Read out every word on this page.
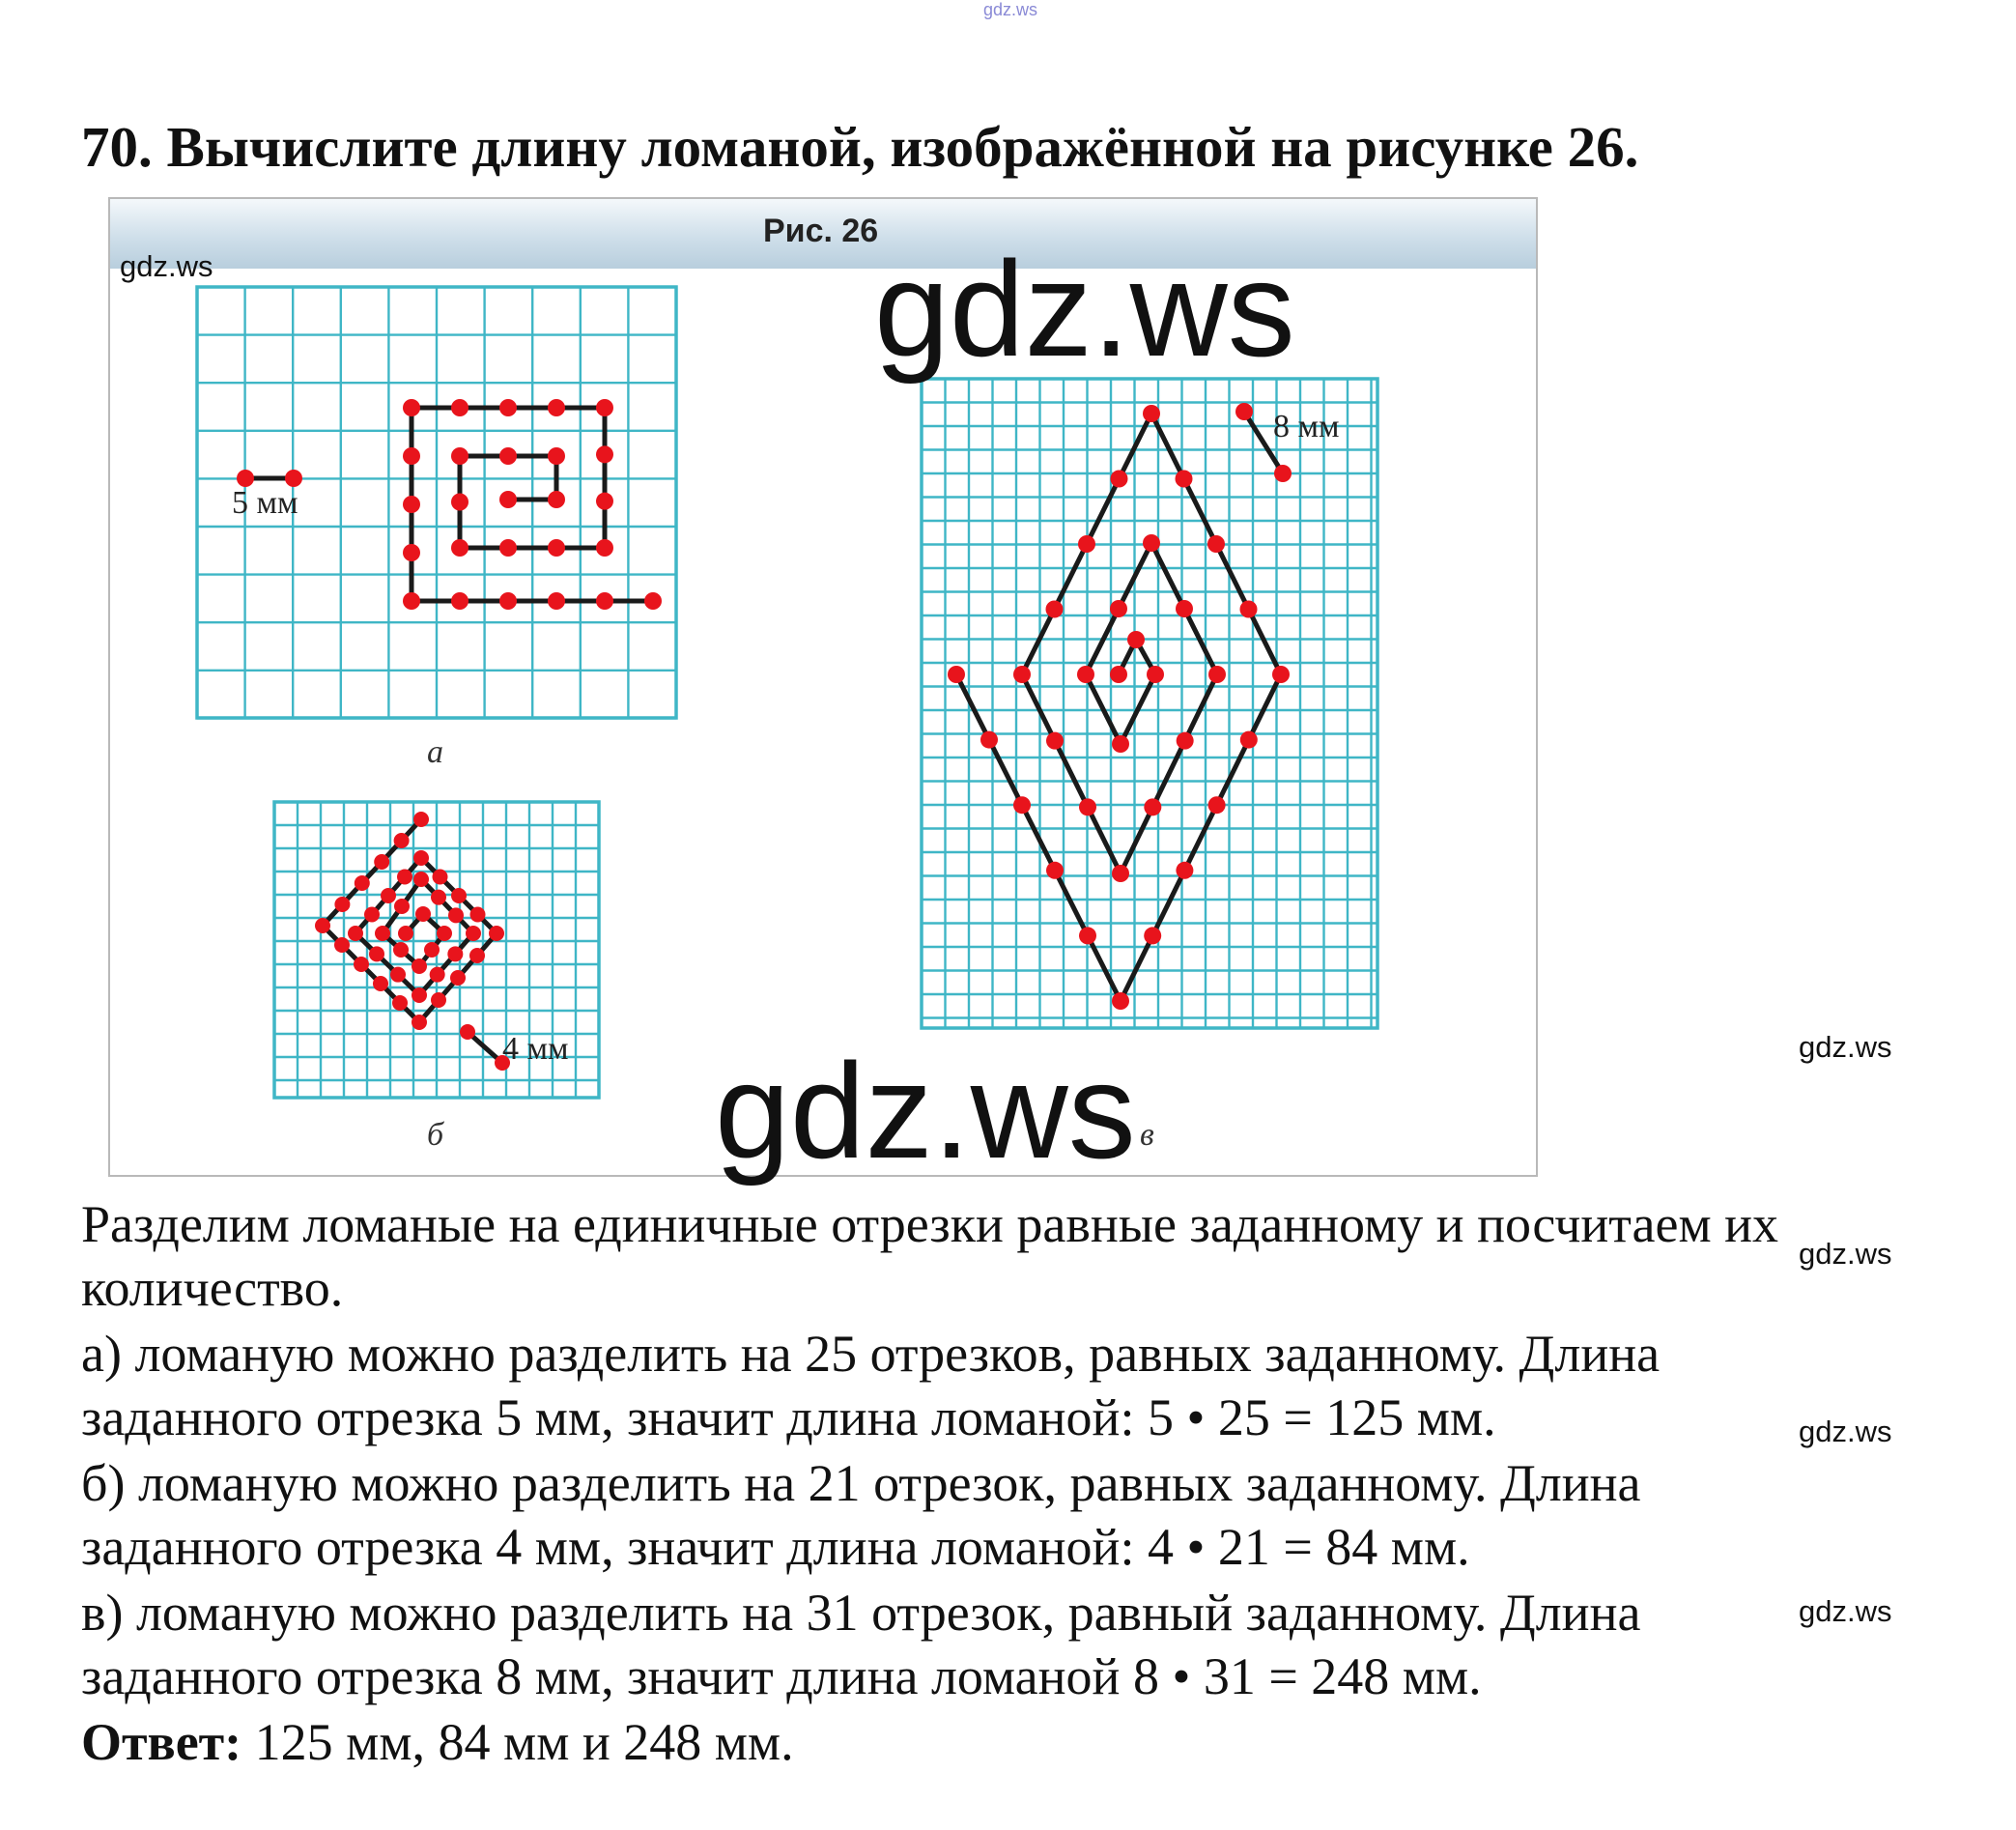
gdz.ws
70. Вычислите длину ломаной, изображённой на рисунке 26.
Рис. 26
5 мм
4 мм
8 мм
gdz.ws	gdz.ws
gdz.ws
а
б	в
gdz.ws
gdz.ws
gdz.ws
gdz.ws
Разделим ломаные на единичные отрезки равные заданному и посчитаем их
количество.
а) ломаную можно разделить на 25 отрезков, равных заданному. Длина
заданного отрезка 5 мм, значит длина ломаной: 5 • 25 = 125 мм.
б) ломаную можно разделить на 21 отрезок, равных заданному. Длина
заданного отрезка 4 мм, значит длина ломаной: 4 • 21 = 84 мм.
в) ломаную можно разделить на 31 отрезок, равный заданному. Длина
заданного отрезка 8 мм, значит длина ломаной 8 • 31 = 248 мм.
Ответ: 125 мм, 84 мм и 248 мм.
